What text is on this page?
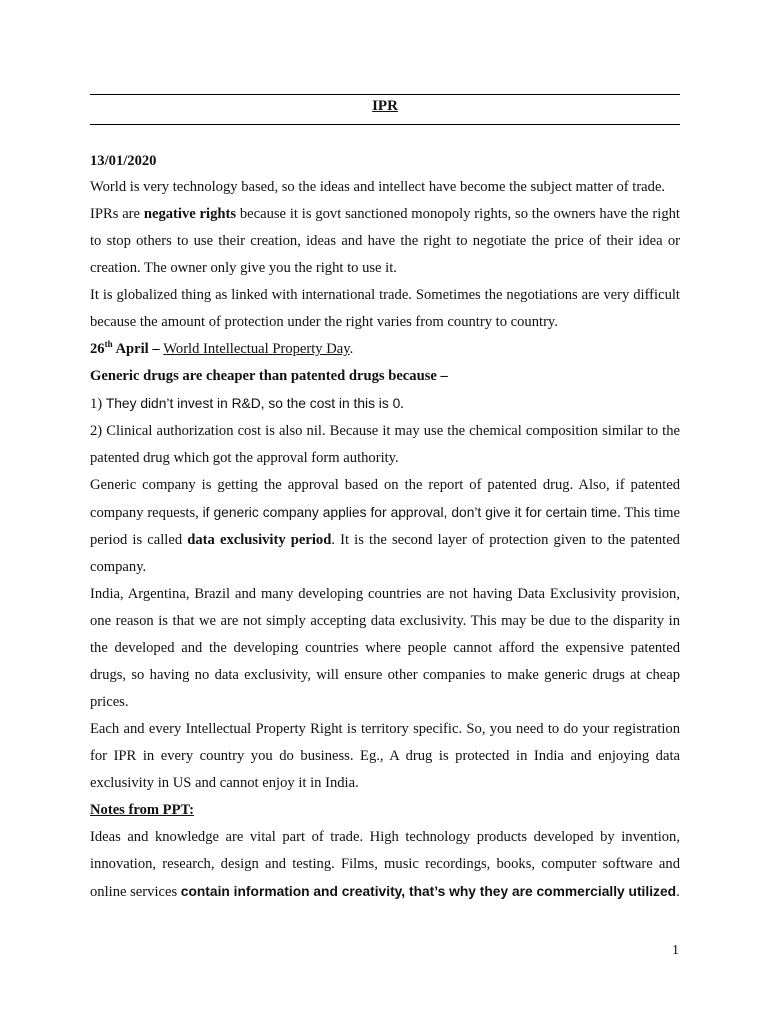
IPR

13/01/2020

World is very technology based, so the ideas and intellect have become the subject matter of trade.

IPRs are negative rights because it is govt sanctioned monopoly rights, so the owners have the right to stop others to use their creation, ideas and have the right to negotiate the price of their idea or creation. The owner only give you the right to use it.

It is globalized thing as linked with international trade. Sometimes the negotiations are very difficult because the amount of protection under the right varies from country to country.

26th April – World Intellectual Property Day.

Generic drugs are cheaper than patented drugs because –

1) They didn’t invest in R&D, so the cost in this is 0.

2) Clinical authorization cost is also nil. Because it may use the chemical composition similar to the patented drug which got the approval form authority.

Generic company is getting the approval based on the report of patented drug. Also, if patented company requests, if generic company applies for approval, don’t give it for certain time. This time period is called data exclusivity period. It is the second layer of protection given to the patented company.

India, Argentina, Brazil and many developing countries are not having Data Exclusivity provision, one reason is that we are not simply accepting data exclusivity. This may be due to the disparity in the developed and the developing countries where people cannot afford the expensive patented drugs, so having no data exclusivity, will ensure other companies to make generic drugs at cheap prices.

Each and every Intellectual Property Right is territory specific. So, you need to do your registration for IPR in every country you do business. Eg., A drug is protected in India and enjoying data exclusivity in US and cannot enjoy it in India.

Notes from PPT:

Ideas and knowledge are vital part of trade. High technology products developed by invention, innovation, research, design and testing. Films, music recordings, books, computer software and online services contain information and creativity, that’s why they are commercially utilized.

1
